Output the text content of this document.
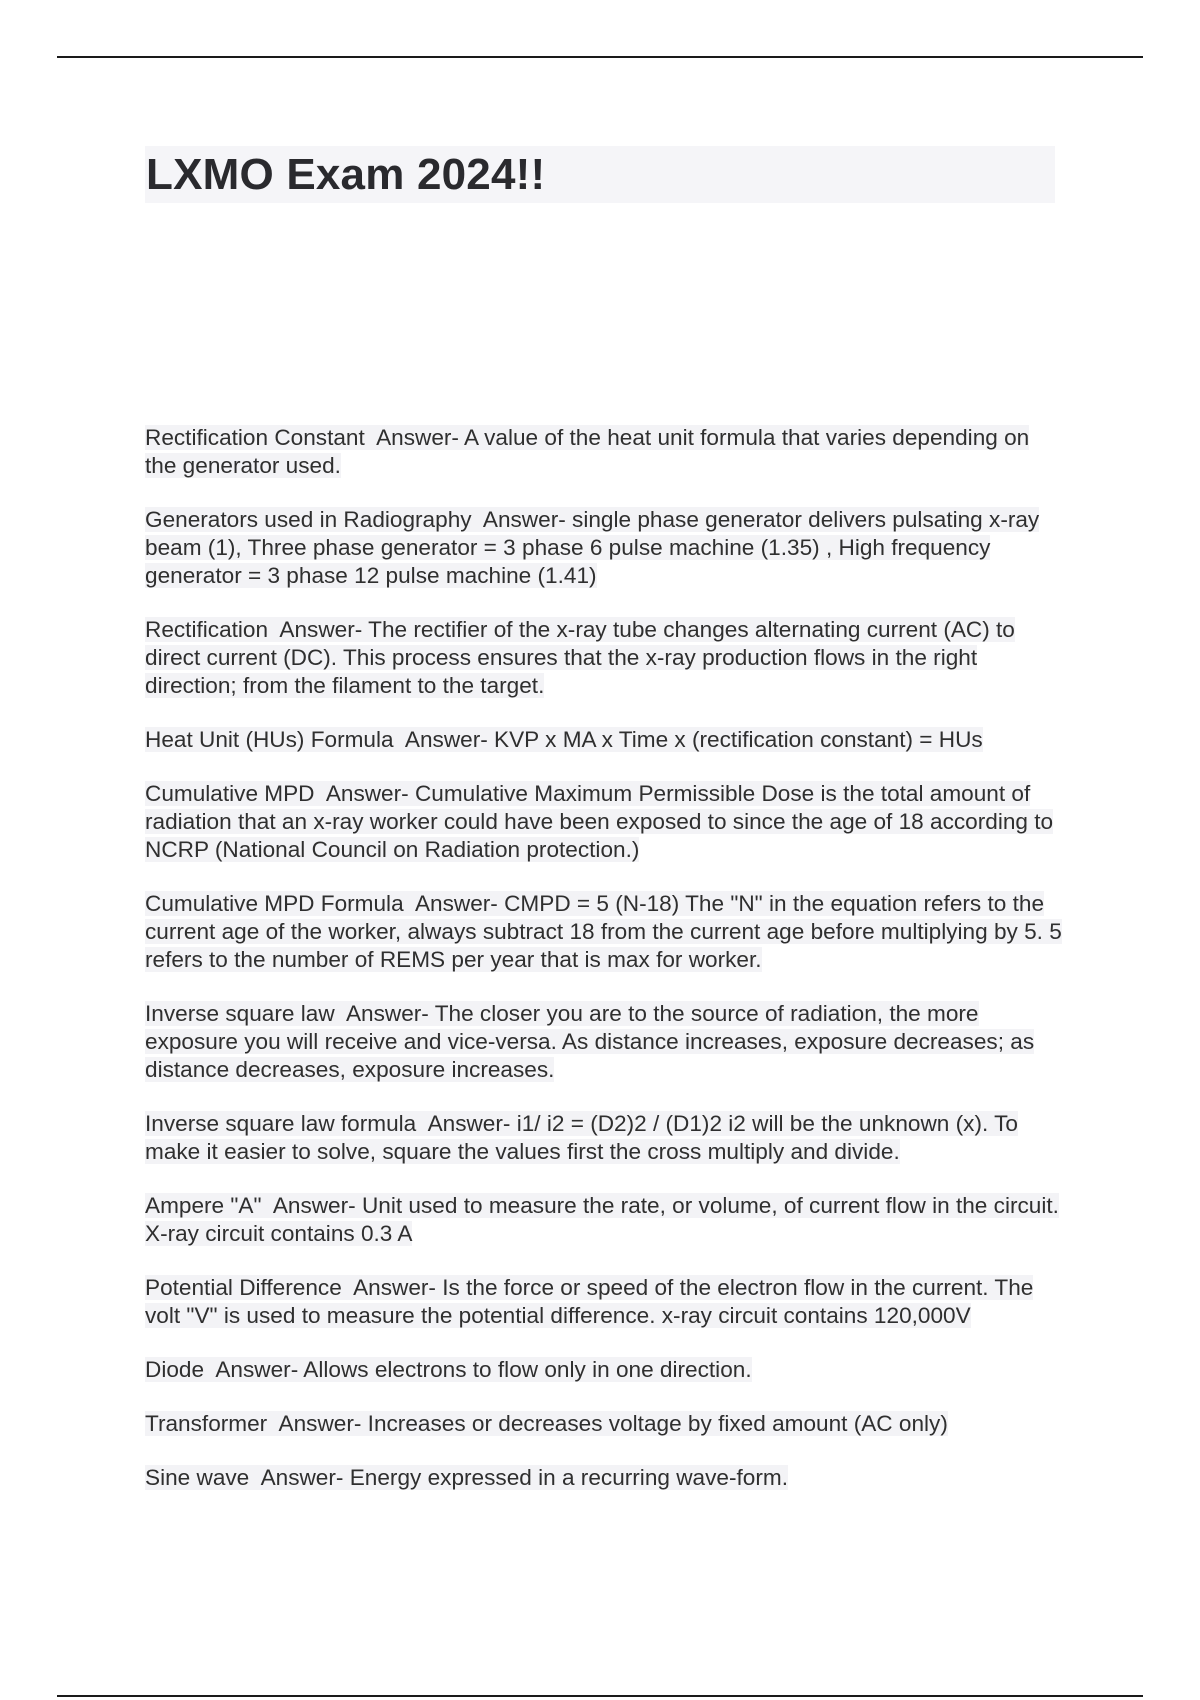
LXMO Exam 2024!!
Rectification Constant Answer- A value of the heat unit formula that varies depending on the generator used.
Generators used in Radiography Answer- single phase generator delivers pulsating x-ray beam (1), Three phase generator = 3 phase 6 pulse machine (1.35) , High frequency generator = 3 phase 12 pulse machine (1.41)
Rectification Answer- The rectifier of the x-ray tube changes alternating current (AC) to direct current (DC). This process ensures that the x-ray production flows in the right direction; from the filament to the target.
Heat Unit (HUs) Formula Answer- KVP x MA x Time x (rectification constant) = HUs
Cumulative MPD Answer- Cumulative Maximum Permissible Dose is the total amount of radiation that an x-ray worker could have been exposed to since the age of 18 according to NCRP (National Council on Radiation protection.)
Cumulative MPD Formula Answer- CMPD = 5 (N-18) The "N" in the equation refers to the current age of the worker, always subtract 18 from the current age before multiplying by 5. 5 refers to the number of REMS per year that is max for worker.
Inverse square law Answer- The closer you are to the source of radiation, the more exposure you will receive and vice-versa. As distance increases, exposure decreases; as distance decreases, exposure increases.
Inverse square law formula Answer- i1/ i2 = (D2)2 / (D1)2 i2 will be the unknown (x). To make it easier to solve, square the values first the cross multiply and divide.
Ampere "A" Answer- Unit used to measure the rate, or volume, of current flow in the circuit. X-ray circuit contains 0.3 A
Potential Difference Answer- Is the force or speed of the electron flow in the current. The volt "V" is used to measure the potential difference. x-ray circuit contains 120,000V
Diode Answer- Allows electrons to flow only in one direction.
Transformer Answer- Increases or decreases voltage by fixed amount (AC only)
Sine wave Answer- Energy expressed in a recurring wave-form.
